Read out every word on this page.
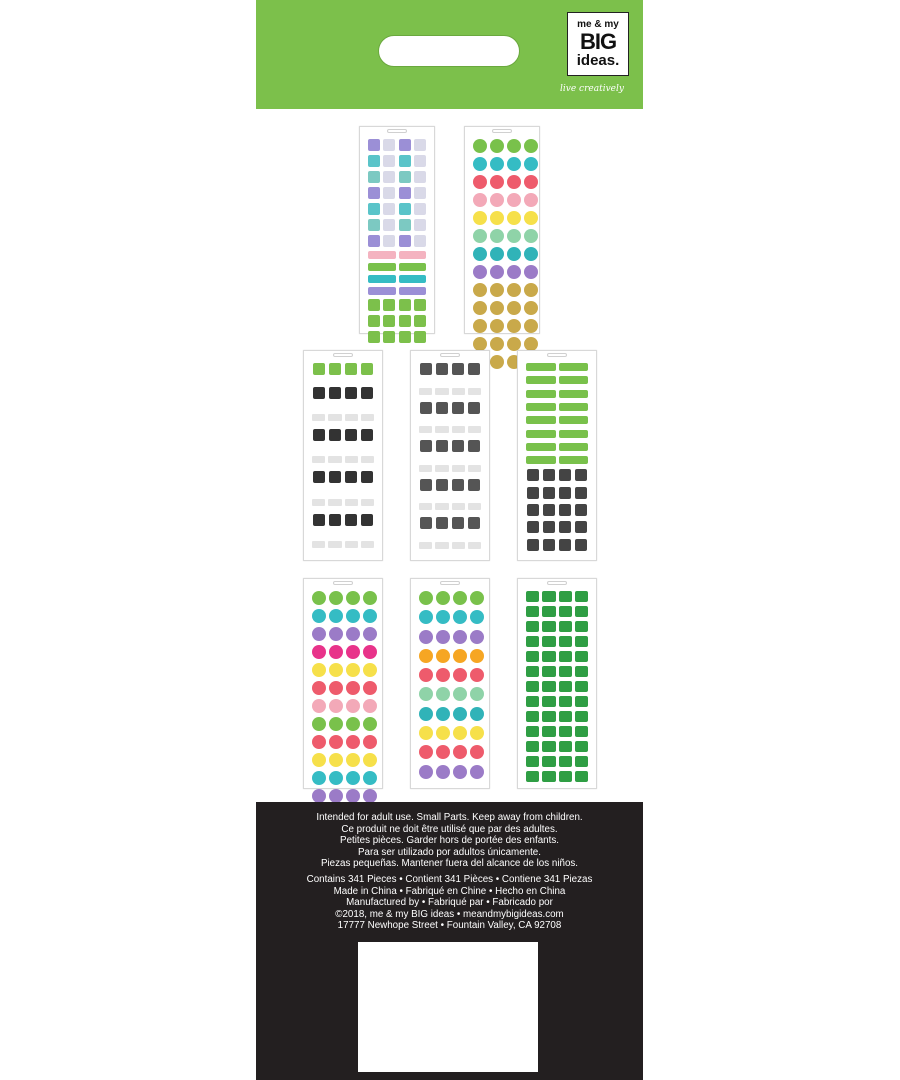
me & my
BIG
ideas.
live creatively
Intended for adult use. Small Parts. Keep away from children.
Ce produit ne doit être utilisé que par des adultes.
Petites pièces. Garder hors de portée des enfants.
Para ser utilizado por adultos únicamente.
Piezas pequeñas. Mantener fuera del alcance de los niños.
Contains 341 Pieces • Contient 341 Pièces • Contiene 341 Piezas
Made in China • Fabriqué en Chine • Hecho en China
Manufactured by • Fabriqué par • Fabricado por
©2018, me & my BIG ideas • meandmybigideas.com
17777 Newhope Street • Fountain Valley, CA 92708
